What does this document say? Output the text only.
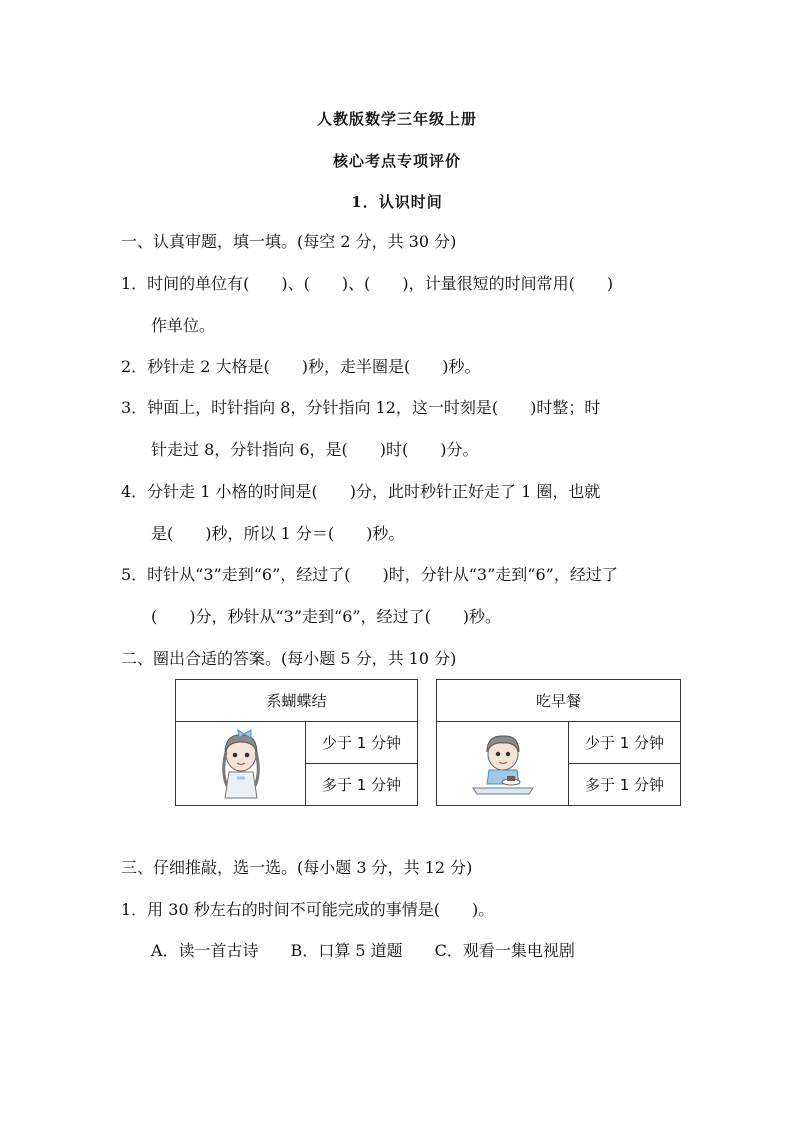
人教版数学三年级上册
核心考点专项评价
1．认识时间
一、认真审题，填一填。(每空 2 分，共 30 分)
1．时间的单位有(　　)、(　　)、(　　)，计量很短的时间常用(　　)
作单位。
2．秒针走 2 大格是(　　)秒，走半圈是(　　)秒。
3．钟面上，时针指向 8，分针指向 12，这一时刻是(　　)时整；时
针走过 8，分针指向 6，是(　　)时(　　)分。
4．分针走 1 小格的时间是(　　)分，此时秒针正好走了 1 圈，也就
是(　　)秒，所以 1 分＝(　　)秒。
5．时针从“3”走到“6”，经过了(　　)时，分针从“3”走到“6”，经过了
(　　)分，秒针从“3”走到“6”，经过了(　　)秒。
二、圈出合适的答案。(每小题 5 分，共 10 分)
系蝴蝶结

	少于 1 分钟
多于 1 分钟
吃早餐

	少于 1 分钟
多于 1 分钟
三、仔细推敲，选一选。(每小题 3 分，共 12 分)
1．用 30 秒左右的时间不可能完成的事情是(　　)。
A．读一首古诗　　B．口算 5 道题　　C．观看一集电视剧
